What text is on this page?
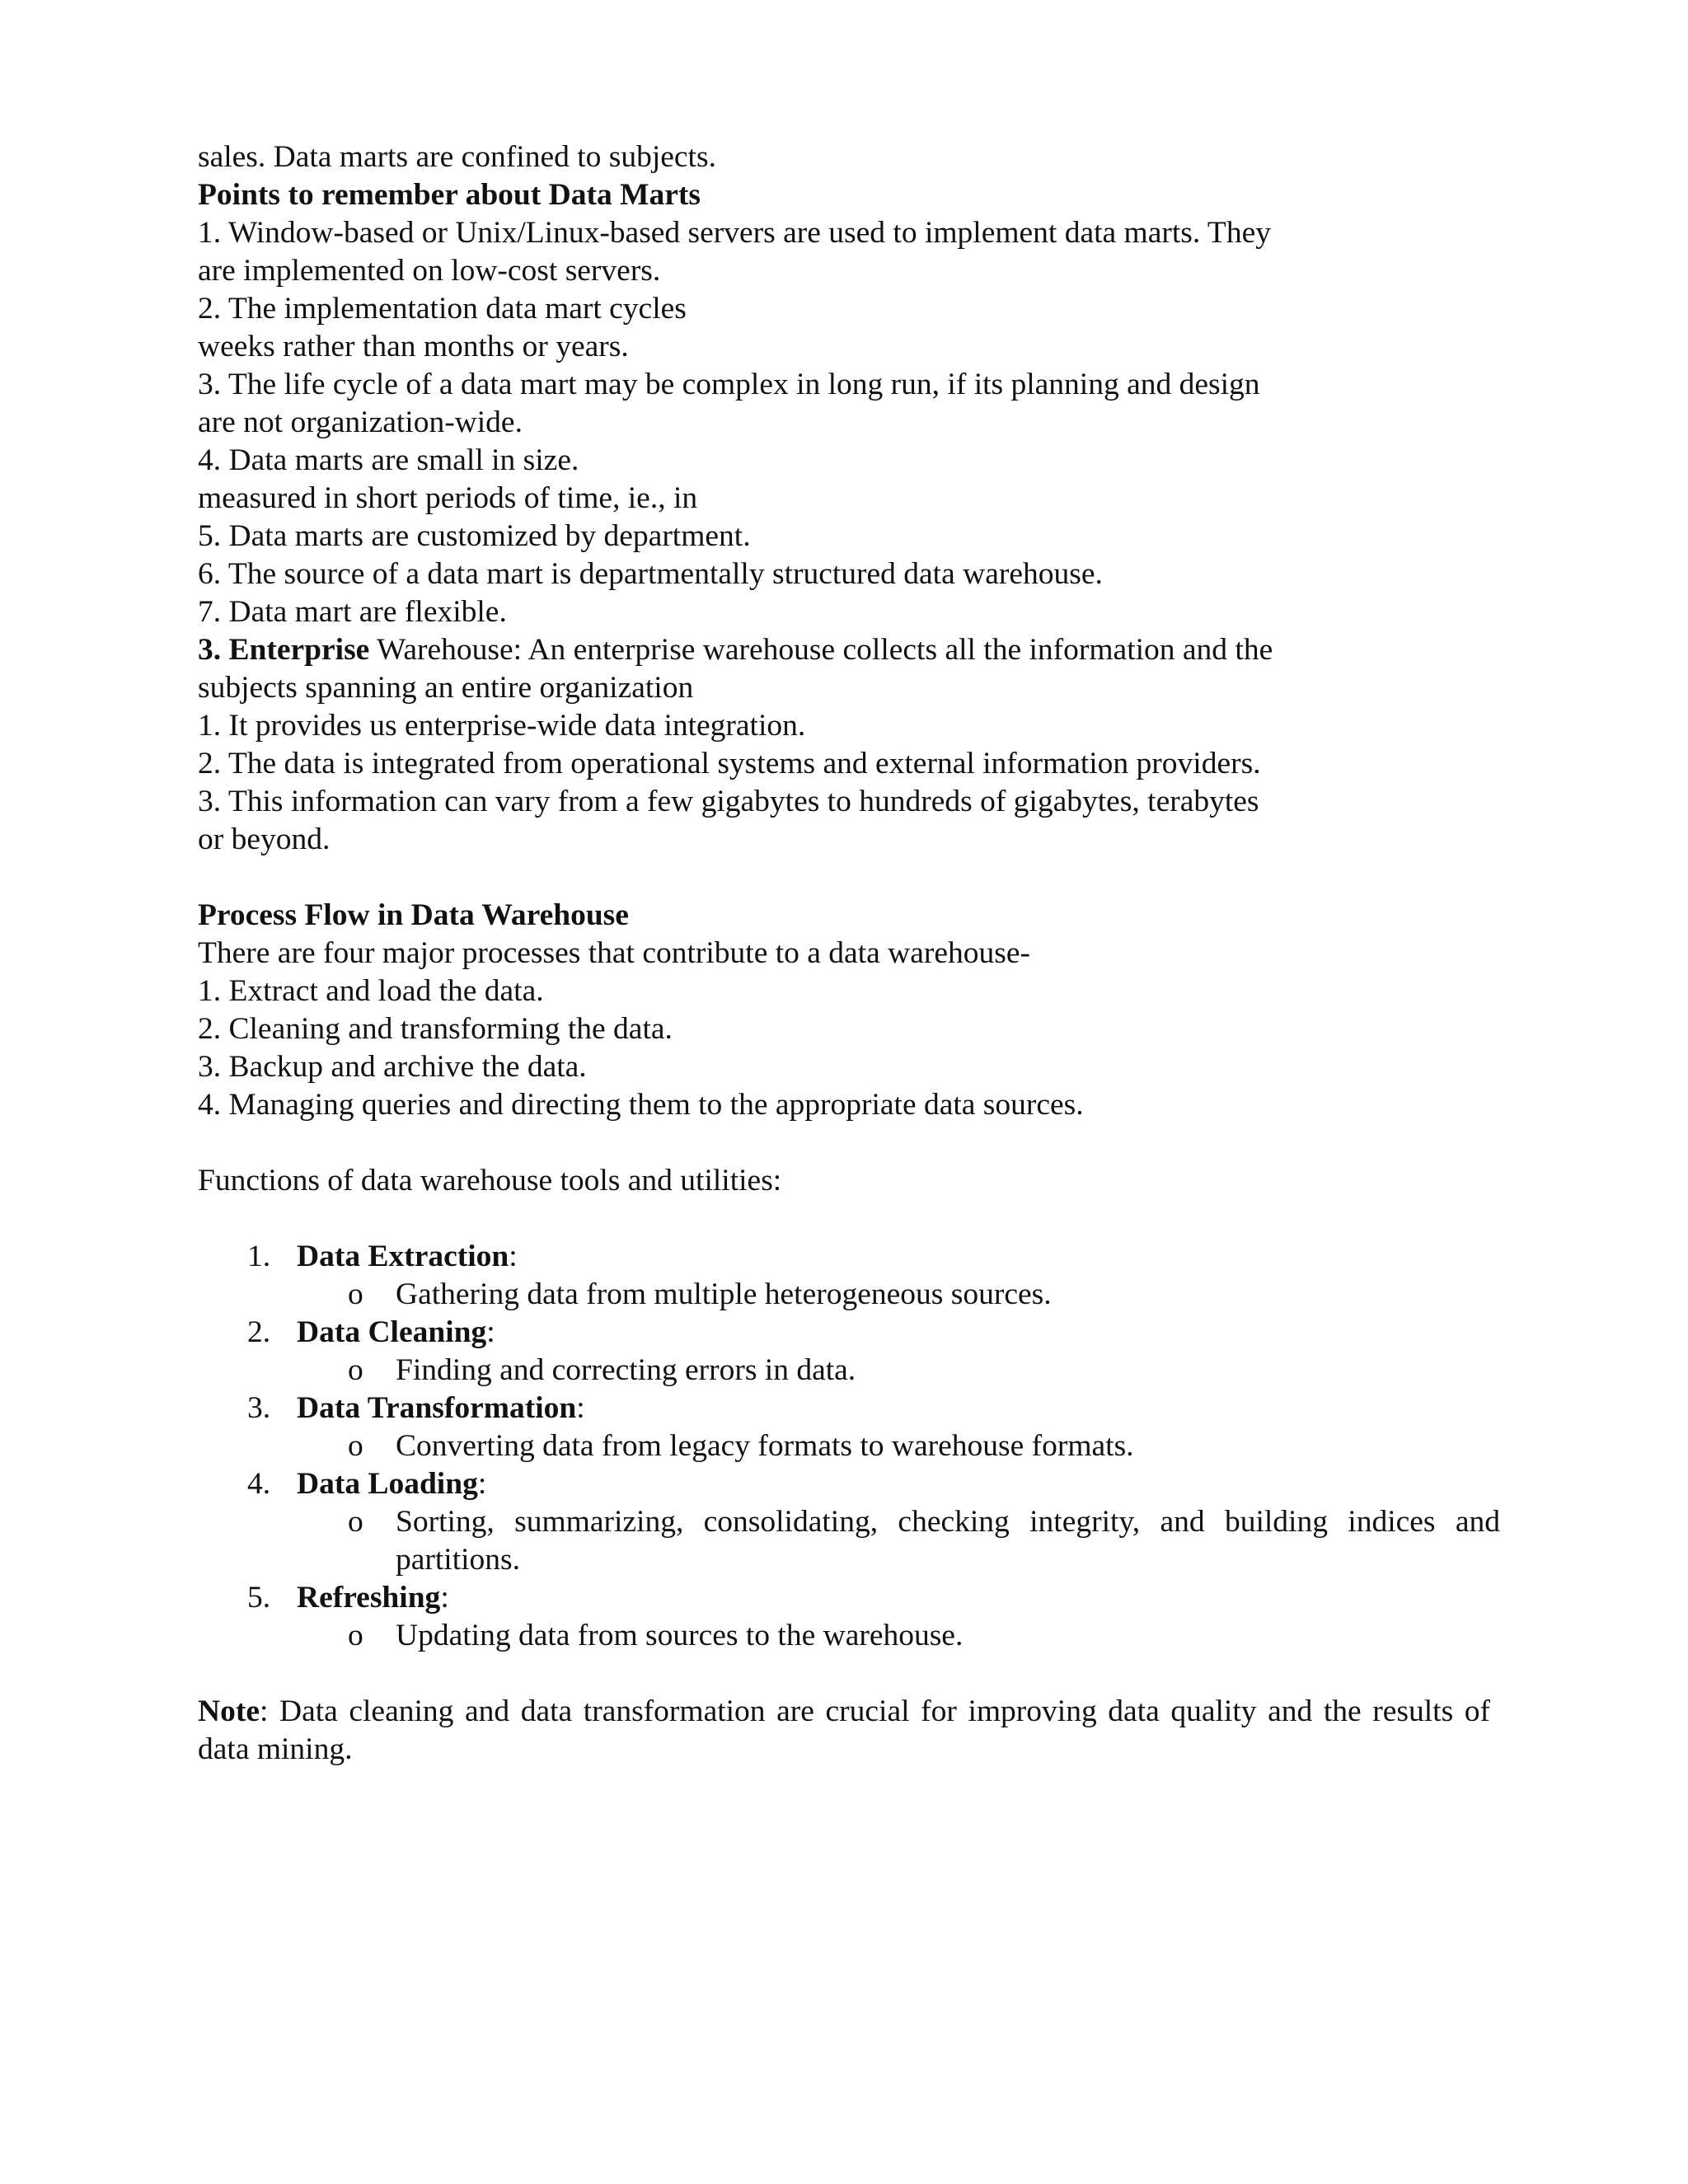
sales. Data marts are confined to subjects.

Points to remember about Data Marts

1. Window-based or Unix/Linux-based servers are used to implement data marts. They

are implemented on low-cost servers.

2. The implementation data mart cycles

weeks rather than months or years.

3. The life cycle of a data mart may be complex in long run, if its planning and design

are not organization-wide.

4. Data marts are small in size.

measured in short periods of time, ie., in

5. Data marts are customized by department.

6. The source of a data mart is departmentally structured data warehouse.

7. Data mart are flexible.

3. Enterprise Warehouse: An enterprise warehouse collects all the information and the

subjects spanning an entire organization

1. It provides us enterprise-wide data integration.

2. The data is integrated from operational systems and external information providers.

3. This information can vary from a few gigabytes to hundreds of gigabytes, terabytes

or beyond.

Process Flow in Data Warehouse

There are four major processes that contribute to a data warehouse-

1. Extract and load the data.

2. Cleaning and transforming the data.

3. Backup and archive the data.

4. Managing queries and directing them to the appropriate data sources.

Functions of data warehouse tools and utilities:

1. Data Extraction:
o Gathering data from multiple heterogeneous sources.
2. Data Cleaning:
o Finding and correcting errors in data.
3. Data Transformation:
o Converting data from legacy formats to warehouse formats.
4. Data Loading:
o Sorting, summarizing, consolidating, checking integrity, and building indices and partitions.
5. Refreshing:
o Updating data from sources to the warehouse.

Note: Data cleaning and data transformation are crucial for improving data quality and the results of data mining.
